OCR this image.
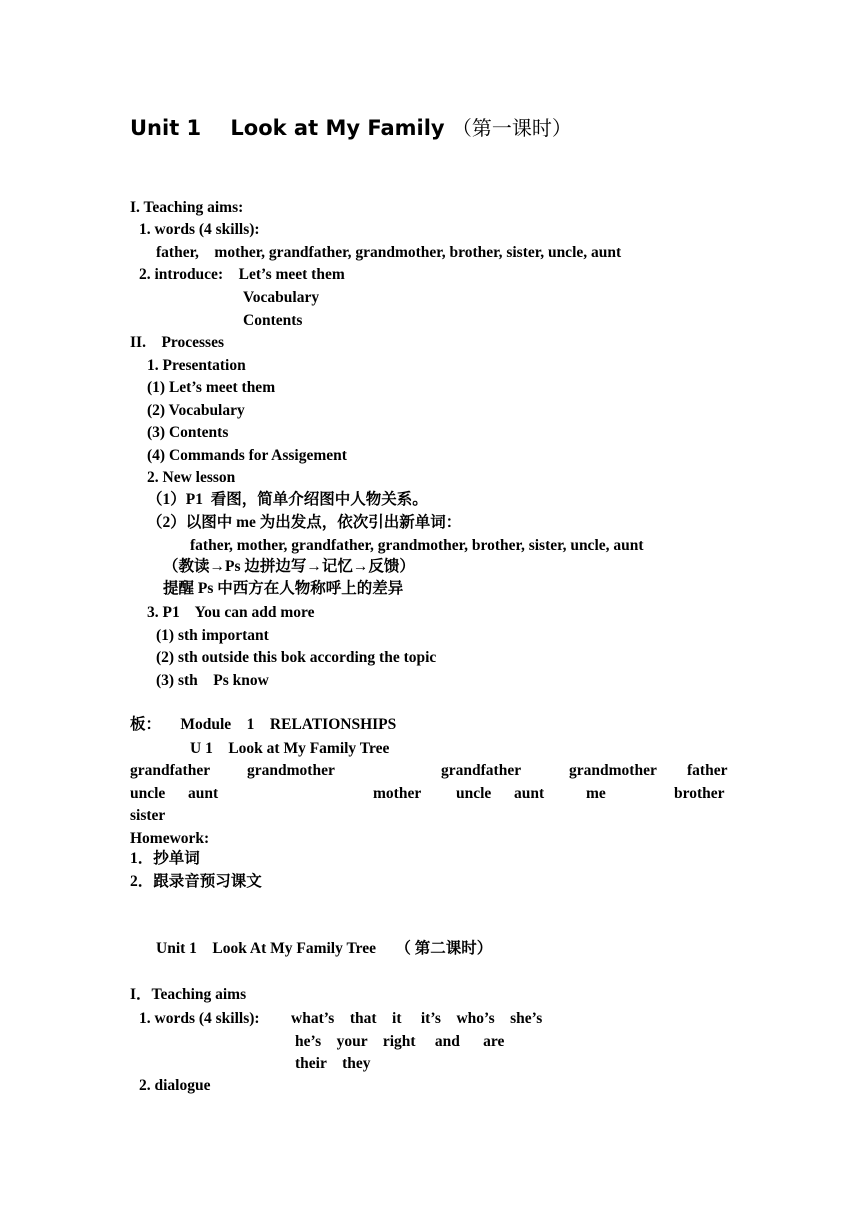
Unit 1    Look at My Family （第一课时）
I. Teaching aims:
1. words (4 skills):
father,    mother, grandfather, grandmother, brother, sister, uncle, aunt
2. introduce:    Let’s meet them
Vocabulary
Contents
II.    Processes
1. Presentation
(1) Let’s meet them
(2) Vocabulary
(3) Contents
(4) Commands for Assigement
2. New lesson
（1）P1  看图，简单介绍图中人物关系。
（2）以图中 me 为出发点，依次引出新单词：
father, mother, grandfather, grandmother, brother, sister, uncle, aunt
（教读→Ps 边拼边写→记忆→反馈）
提醒 Ps 中西方在人物称呼上的差异
3. P1    You can add more
(1) sth important
(2) sth outside this bok according the topic
(3) sth    Ps know
板：     Module    1    RELATIONSHIPS
U 1    Look at My Family Tree
grandfather grandmother	grandfather	grandmother father
uncle aunt	mother uncle aunt	me	brother
sister
Homework:
1．抄单词
2．跟录音预习课文
Unit 1    Look At My Family Tree     （ 第二课时）
I．Teaching aims
1. words (4 skills): what’s    that    it     it’s    who’s    she’s
he’s    your    right     and      are
their    they
2. dialogue
